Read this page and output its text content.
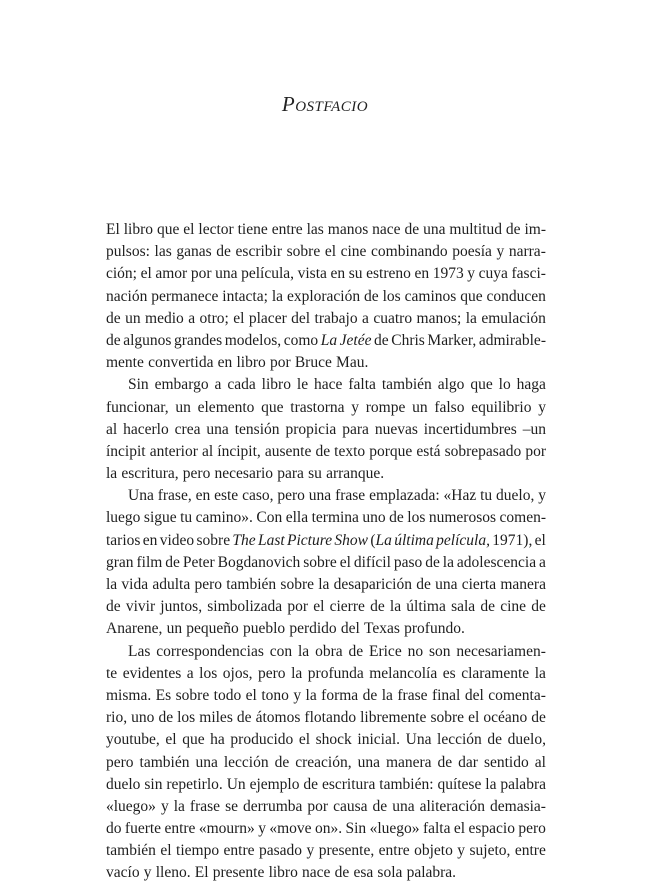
Postfacio
El libro que el lector tiene entre las manos nace de una multitud de im-
pulsos: las ganas de escribir sobre el cine combinando poesía y narra-
ción; el amor por una película, vista en su estreno en 1973 y cuya fasci-
nación permanece intacta; la exploración de los caminos que conducen
de un medio a otro; el placer del trabajo a cuatro manos; la emulación
de algunos grandes modelos, como La Jetée de Chris Marker, admirable-
mente convertida en libro por Bruce Mau.
Sin embargo a cada libro le hace falta también algo que lo haga
funcionar, un elemento que trastorna y rompe un falso equilibrio y
al hacerlo crea una tensión propicia para nuevas incertidumbres –un
íncipit anterior al íncipit, ausente de texto porque está sobrepasado por
la escritura, pero necesario para su arranque.
Una frase, en este caso, pero una frase emplazada: «Haz tu duelo, y
luego sigue tu camino». Con ella termina uno de los numerosos comen-
tarios en video sobre The Last Picture Show (La última película, 1971), el
gran film de Peter Bogdanovich sobre el difícil paso de la adolescencia a
la vida adulta pero también sobre la desaparición de una cierta manera
de vivir juntos, simbolizada por el cierre de la última sala de cine de
Anarene, un pequeño pueblo perdido del Texas profundo.
Las correspondencias con la obra de Erice no son necesariamen-
te evidentes a los ojos, pero la profunda melancolía es claramente la
misma. Es sobre todo el tono y la forma de la frase final del comenta-
rio, uno de los miles de átomos flotando libremente sobre el océano de
youtube, el que ha producido el shock inicial. Una lección de duelo,
pero también una lección de creación, una manera de dar sentido al
duelo sin repetirlo. Un ejemplo de escritura también: quítese la palabra
«luego» y la frase se derrumba por causa de una aliteración demasia-
do fuerte entre «mourn» y «move on». Sin «luego» falta el espacio pero
también el tiempo entre pasado y presente, entre objeto y sujeto, entre
vacío y lleno. El presente libro nace de esa sola palabra.
